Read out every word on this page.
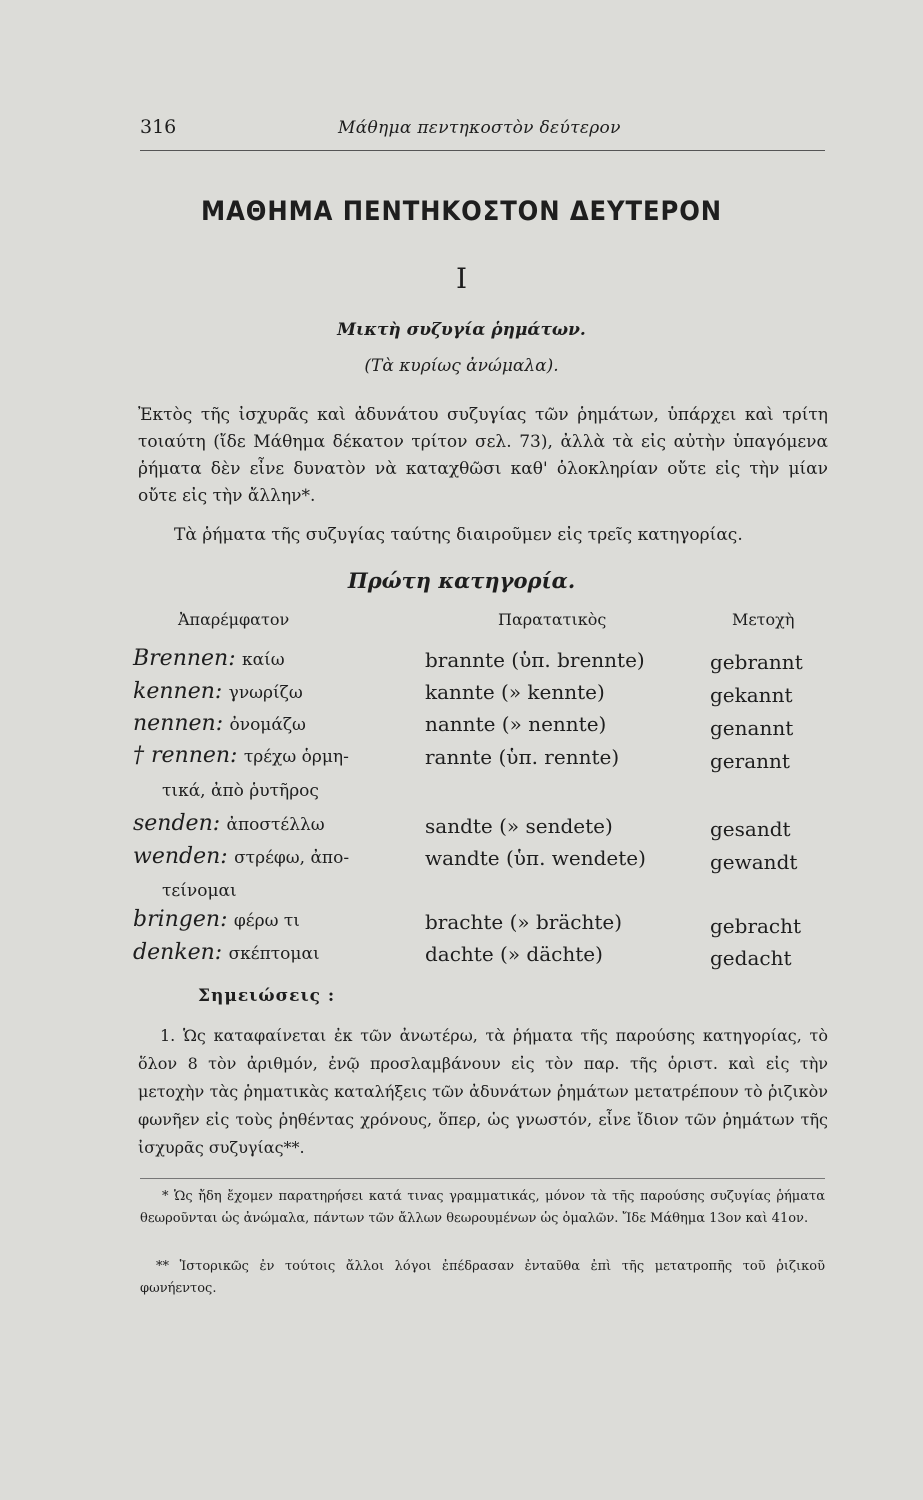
316	Μάθημα πεντηκοστὸν δεύτερον
ΜΑΘΗΜΑ ΠΕΝΤΗΚΟΣΤΟΝ ΔΕΥΤΕΡΟΝ
I
Μικτὴ συζυγία ῥημάτων.
(Τὰ κυρίως ἀνώμαλα).
Ἐκτὸς τῆς ἰσχυρᾶς καὶ ἀδυνάτου συζυγίας τῶν ῥημάτων, ὑπάρχει καὶ τρίτη τοιαύτη (ἴδε Μάθημα δέκατον τρίτον σελ. 73), ἀλλὰ τὰ εἰς αὐτὴν ὑπαγόμενα ῥήματα δὲν εἶνε δυνατὸν νὰ καταχθῶσι καθ' ὁλοκληρίαν οὔτε εἰς τὴν μίαν οὔτε εἰς τὴν ἄλλην*.
Τὰ ῥήματα τῆς συζυγίας ταύτης διαιροῦμεν εἰς τρεῖς κατηγορίας.
Πρώτη κατηγορία.
Ἀπαρέμφατον	Παρατατικὸς	Μετοχὴ
Brennen: καίω	brannte (ὑπ. brennte)	gebrannt
kennen: γνωρίζω	kannte (» kennte)	gekannt
nennen: ὀνομάζω	nannte (» nennte)	genannt
† rennen: τρέχω ὁρμη-
τικά, ἀπὸ ῥυτῆρος
rannte (ὑπ. rennte)	gerannt
senden: ἀποστέλλω	sandte (» sendete)	gesandt
wenden: στρέφω, ἀπο-
τείνομαι
wandte (ὑπ. wendete)	gewandt
bringen: φέρω τι	brachte (» brächte)	gebracht
denken: σκέπτομαι	dachte (» dächte)	gedacht
Σημειώσεις :
1. Ὡς καταφαίνεται ἐκ τῶν ἀνωτέρω, τὰ ῥήματα τῆς παρούσης κατηγορίας, τὸ ὅλον 8 τὸν ἀριθμόν, ἐνῷ προσλαμβάνουν εἰς τὸν παρ. τῆς ὁριστ. καὶ εἰς τὴν μετοχὴν τὰς ῥηματικὰς καταλήξεις τῶν ἀδυνάτων ῥημάτων μετατρέπουν τὸ ῥιζικὸν φωνῆεν εἰς τοὺς ῥηθέντας χρόνους, ὅπερ, ὡς γνωστόν, εἶνε ἴδιον τῶν ῥημάτων τῆς ἰσχυρᾶς συζυγίας**.
* Ὡς ἤδη ἔχομεν παρατηρήσει κατά τινας γραμματικάς, μόνον τὰ τῆς παρούσης συζυγίας ῥήματα θεωροῦνται ὡς ἀνώμαλα, πάντων τῶν ἄλλων θεωρουμένων ὡς ὁμαλῶν. Ἴδε Μάθημα 13ον καὶ 41ον.
** Ἱστορικῶς ἐν τούτοις ἄλλοι λόγοι ἐπέδρασαν ἐνταῦθα ἐπὶ τῆς μετατροπῆς τοῦ ῥιζικοῦ φωνήεντος.
